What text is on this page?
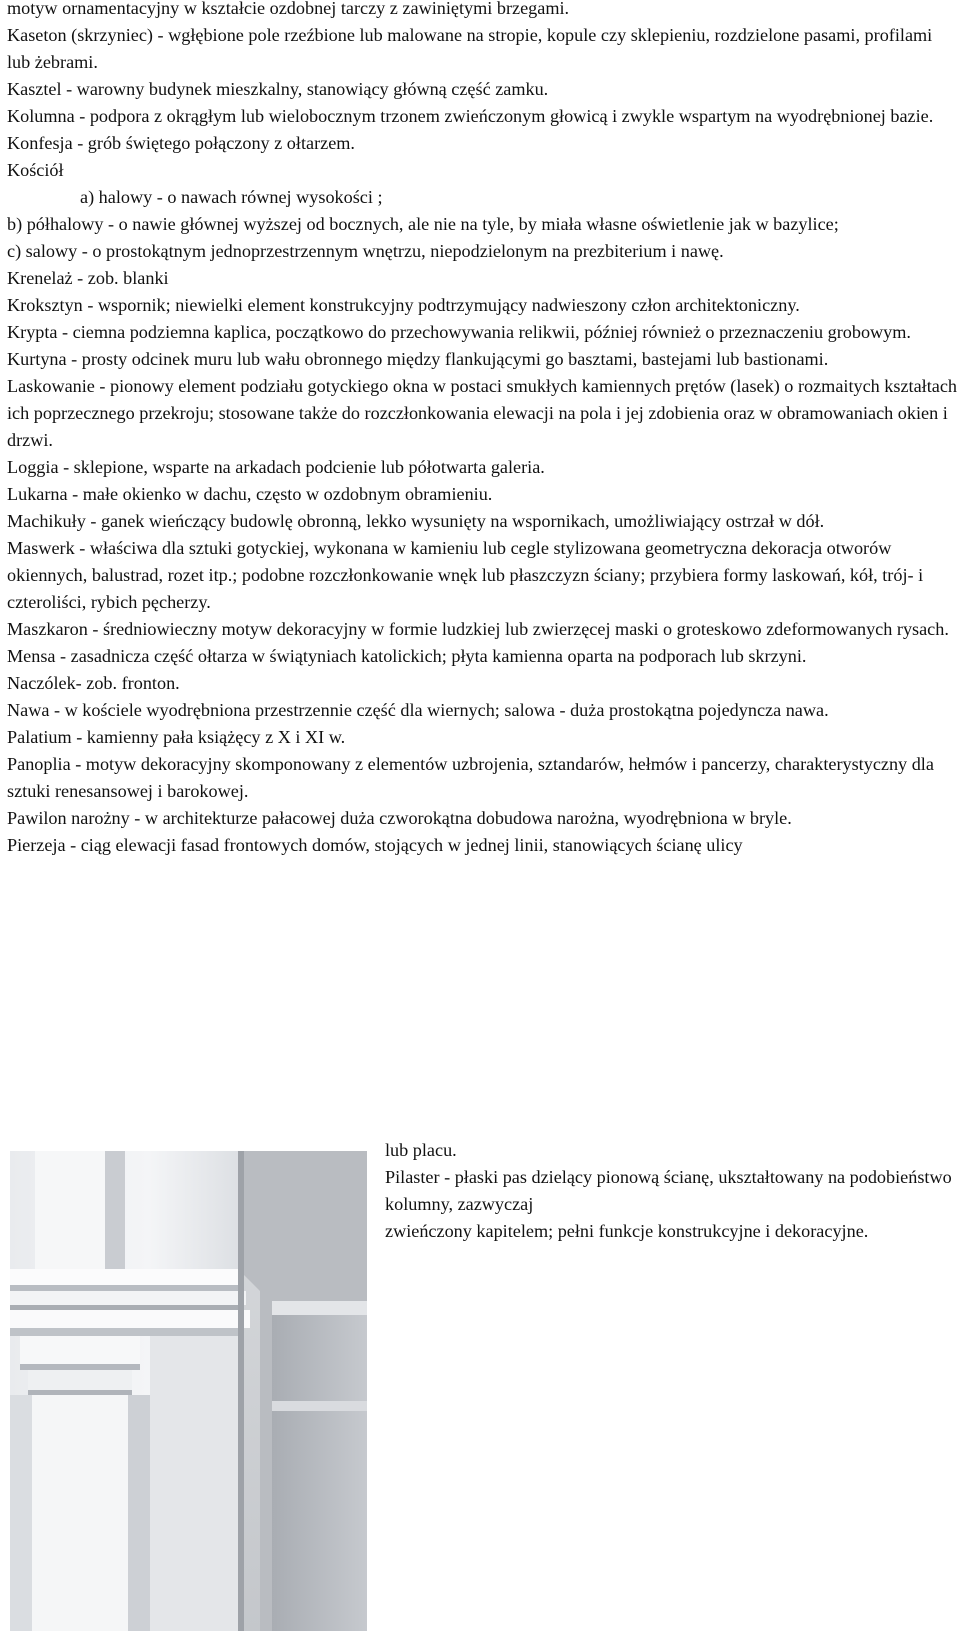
motyw ornamentacyjny w kształcie ozdobnej tarczy z zawiniętymi brzegami.

Kaseton (skrzyniec) - wgłębione pole rzeźbione lub malowane na stropie, kopule czy sklepieniu, rozdzielone pasami, profilami lub żebrami.

Kasztel - warowny budynek mieszkalny, stanowiący główną część zamku.

Kolumna - podpora z okrągłym lub wielobocznym trzonem zwieńczonym głowicą i zwykle wspartym na wyodrębnionej bazie.

Konfesja - grób świętego połączony z ołtarzem.

Kościół

a) halowy - o nawach równej wysokości ;

b) półhalowy - o nawie głównej wyższej od bocznych, ale nie na tyle, by miała własne oświetlenie jak w bazylice;

c) salowy - o prostokątnym jednoprzestrzennym wnętrzu, niepodzielonym na prezbiterium i nawę.

Krenelaż - zob. blanki

Kroksztyn - wspornik; niewielki element konstrukcyjny podtrzymujący nadwieszony człon architektoniczny.

Krypta - ciemna podziemna kaplica, początkowo do przechowywania relikwii, później również o przeznaczeniu grobowym.

Kurtyna - prosty odcinek muru lub wału obronnego między flankującymi go basztami, bastejami lub bastionami.

Laskowanie - pionowy element podziału gotyckiego okna w postaci smukłych kamiennych prętów (lasek) o rozmaitych kształtach ich poprzecznego przekroju; stosowane także do rozczłonkowania elewacji na pola i jej zdobienia oraz w obramowaniach okien i drzwi.

Loggia - sklepione, wsparte na arkadach podcienie lub półotwarta galeria.

Lukarna - małe okienko w dachu, często w ozdobnym obramieniu.

Machikuły - ganek wieńczący budowlę obronną, lekko wysunięty na wspornikach, umożliwiający ostrzał w dół.

Maswerk - właściwa dla sztuki gotyckiej, wykonana w kamieniu lub cegle stylizowana geometryczna dekoracja otworów okiennych, balustrad, rozet itp.; podobne rozczłonkowanie wnęk lub płaszczyzn ściany; przybiera formy laskowań, kół, trój- i czteroliści, rybich pęcherzy.

Maszkaron - średniowieczny motyw dekoracyjny w formie ludzkiej lub zwierzęcej maski o groteskowo zdeformowanych rysach.

Mensa - zasadnicza część ołtarza w świątyniach katolickich; płyta kamienna oparta na podporach lub skrzyni.

Naczólek- zob. fronton.

Nawa - w kościele wyodrębniona przestrzennie część dla wiernych; salowa - duża prostokątna pojedyncza nawa.

Palatium - kamienny pała książęcy z X i XI w.

Panoplia - motyw dekoracyjny skomponowany z elementów uzbrojenia, sztandarów, hełmów i pancerzy, charakterystyczny dla sztuki renesansowej i barokowej.

Pawilon narożny - w architekturze pałacowej duża czworokątna dobudowa narożna, wyodrębniona w bryle.

Pierzeja - ciąg elewacji fasad frontowych domów, stojących w jednej linii, stanowiących ścianę ulicy

lub placu.

Pilaster - płaski pas dzielący pionową ścianę, ukształtowany na podobieństwo kolumny, zazwyczaj

zwieńczony kapitelem; pełni funkcje konstrukcyjne i dekoracyjne.
